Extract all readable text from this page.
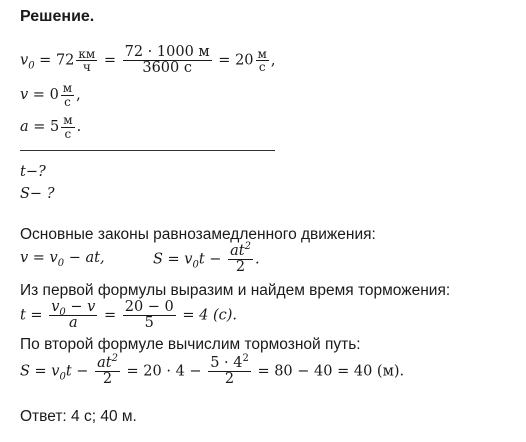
Решение.
$v_0 = 72 \frac{км}{ч} = \frac{72 \cdot 1000 м}{3600 с} = 20 \frac{м}{с}$ ,
$v = 0 \frac{м}{с}$ ,
$a = 5 \frac{м}{с}$ .
t−?
S− ?
Основные законы равнозамедленного движения:
$v = v_0$ − at,	$S = v_0t - \frac{at^2}{2}$ .
Из первой формулы выразим и найдем время торможения:
$t = \frac{v_0 - v}{a} = \frac{20 - 0}{5} = 4$ (c).
По второй формуле вычислим тормозной путь:
$S = v_0t - \frac{at^2}{2} = 20 \cdot 4 - \frac{5 \cdot 4^2}{2} = 80 - 40 = 40$ (м).
Ответ: 4 с; 40 м.
